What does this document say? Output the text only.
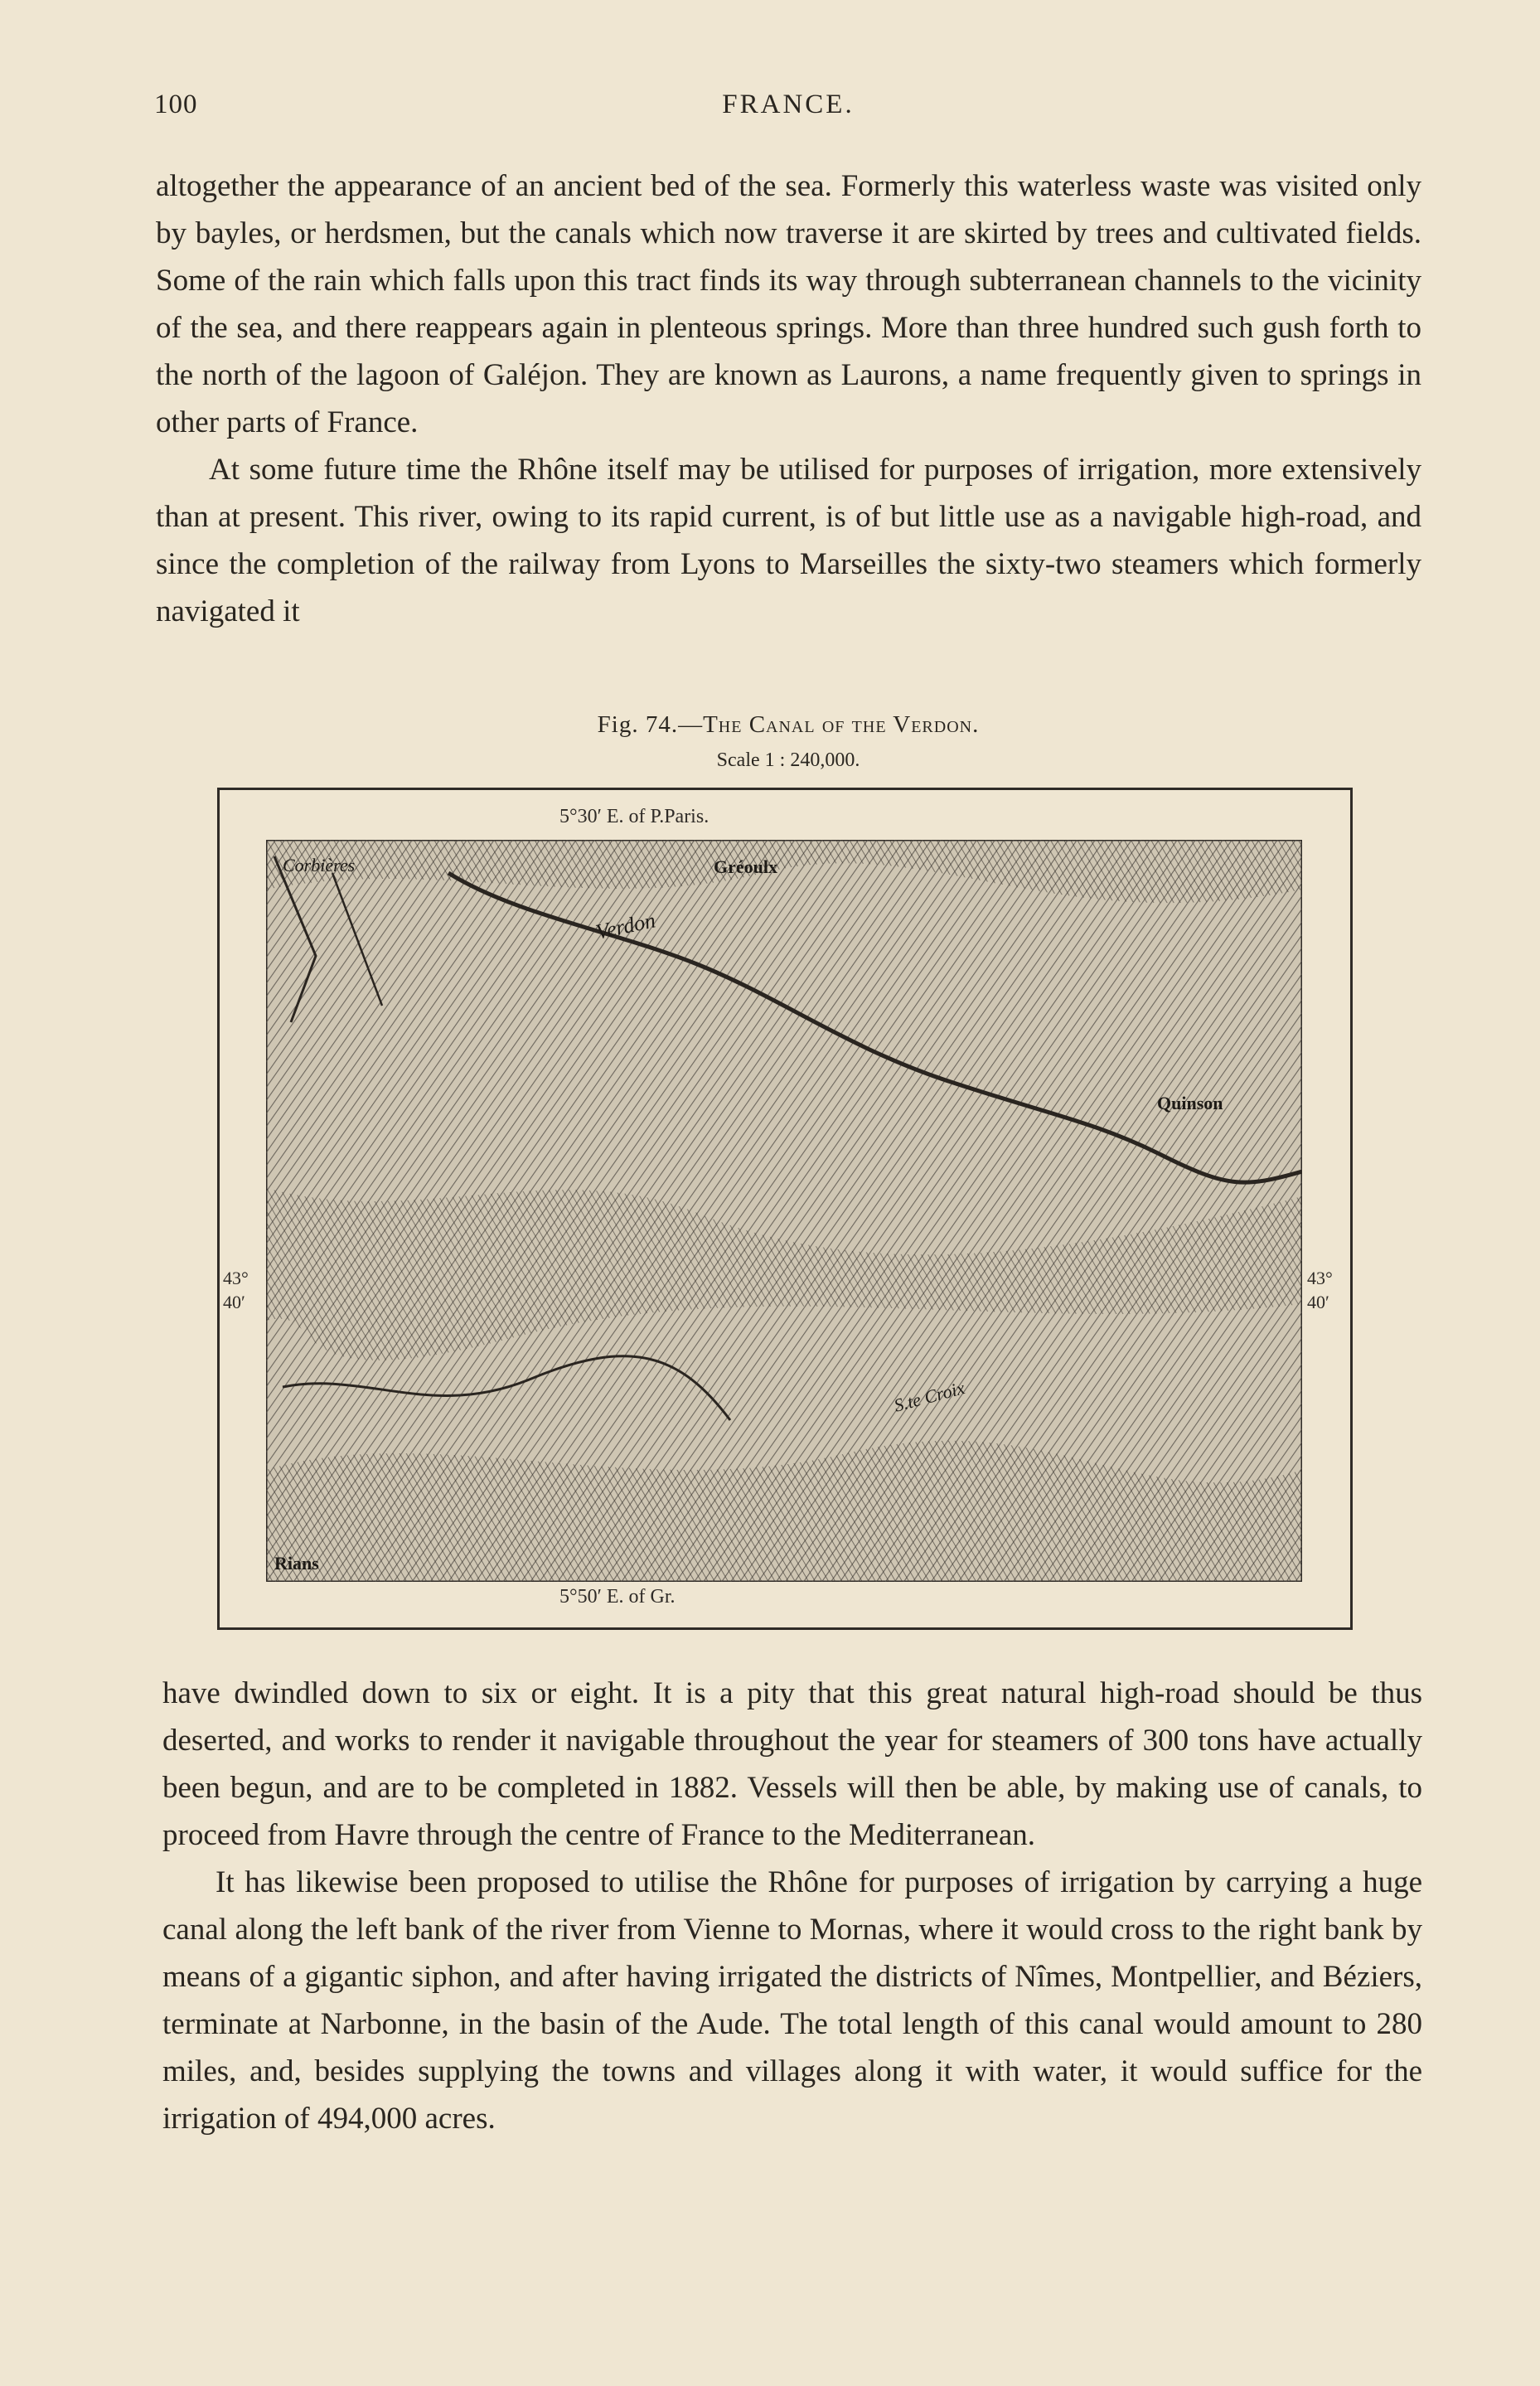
100	FRANCE.

altogether the appearance of an ancient bed of the sea. Formerly this waterless waste was visited only by bayles, or herdsmen, but the canals which now traverse it are skirted by trees and cultivated fields. Some of the rain which falls upon this tract finds its way through subterranean channels to the vicinity of the sea, and there reappears again in plenteous springs. More than three hundred such gush forth to the north of the lagoon of Galéjon. They are known as Laurons, a name frequently given to springs in other parts of France.

At some future time the Rhône itself may be utilised for purposes of irrigation, more extensively than at present. This river, owing to its rapid current, is of but little use as a navigable high-road, and since the completion of the railway from Lyons to Marseilles the sixty-two steamers which formerly navigated it

Fig. 74.—The Canal of the Verdon.
Scale 1 : 240,000.
5°30′ E. of P.Paris.
5°50′ E. of Gr.
43°
40′
43°
40′
Corbières	Gréoulx
Verdon
Quinson
S.te Croix
Rians

have dwindled down to six or eight. It is a pity that this great natural high-road should be thus deserted, and works to render it navigable throughout the year for steamers of 300 tons have actually been begun, and are to be completed in 1882. Vessels will then be able, by making use of canals, to proceed from Havre through the centre of France to the Mediterranean.

It has likewise been proposed to utilise the Rhône for purposes of irrigation by carrying a huge canal along the left bank of the river from Vienne to Mornas, where it would cross to the right bank by means of a gigantic siphon, and after having irrigated the districts of Nîmes, Montpellier, and Béziers, terminate at Narbonne, in the basin of the Aude. The total length of this canal would amount to 280 miles, and, besides supplying the towns and villages along it with water, it would suffice for the irrigation of 494,000 acres.
